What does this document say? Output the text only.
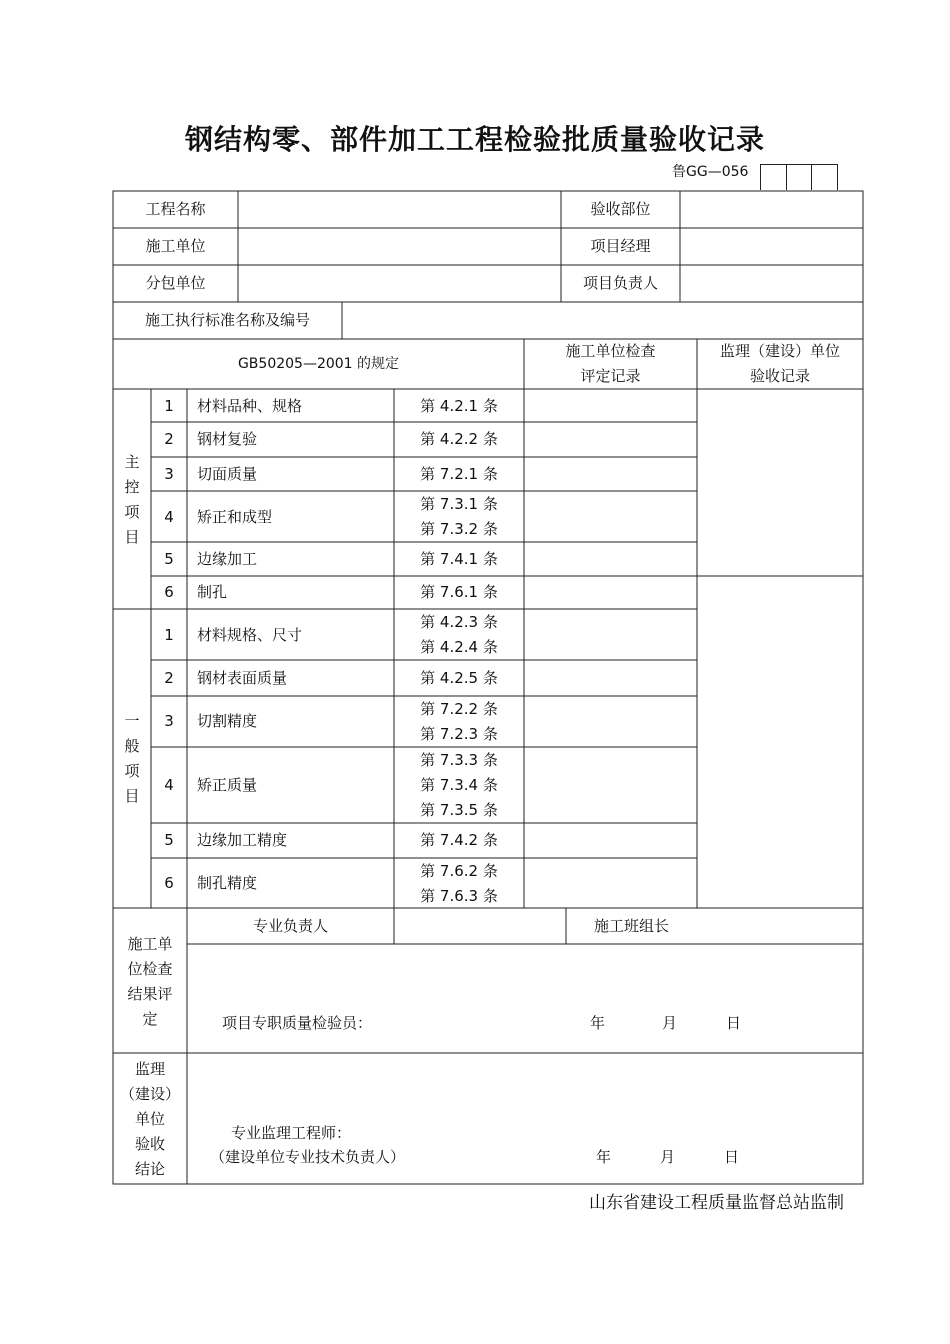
钢结构零、部件加工工程检验批质量验收记录
鲁GG—056
工程名称	验收部位
施工单位	项目经理
分包单位	项目负责人
施工执行标准名称及编号
GB50205—2001 的规定
施工单位检查
评定记录
监理（建设）单位
验收记录
主
控
项
目
1	材料品种、规格	第 4.2.1 条
2	钢材复验	第 4.2.2 条
3	切面质量	第 7.2.1 条
4	矫正和成型
第 7.3.1 条
第 7.3.2 条
5	边缘加工	第 7.4.1 条
6	制孔	第 7.6.1 条
一
般
项
目
1	材料规格、尺寸
第 4.2.3 条
第 4.2.4 条
2	钢材表面质量	第 4.2.5 条
3	切割精度
第 7.2.2 条
第 7.2.3 条
4	矫正质量
第 7.3.3 条
第 7.3.4 条
第 7.3.5 条
5	边缘加工精度	第 7.4.2 条
6	制孔精度
第 7.6.2 条
第 7.6.3 条
施工单
位检查
结果评
定
专业负责人	施工班组长
项目专职质量检验员：	年	月	日
监理
（建设）
单位
验收
结论
专业监理工程师：
（建设单位专业技术负责人）	年	月	日
山东省建设工程质量监督总站监制
